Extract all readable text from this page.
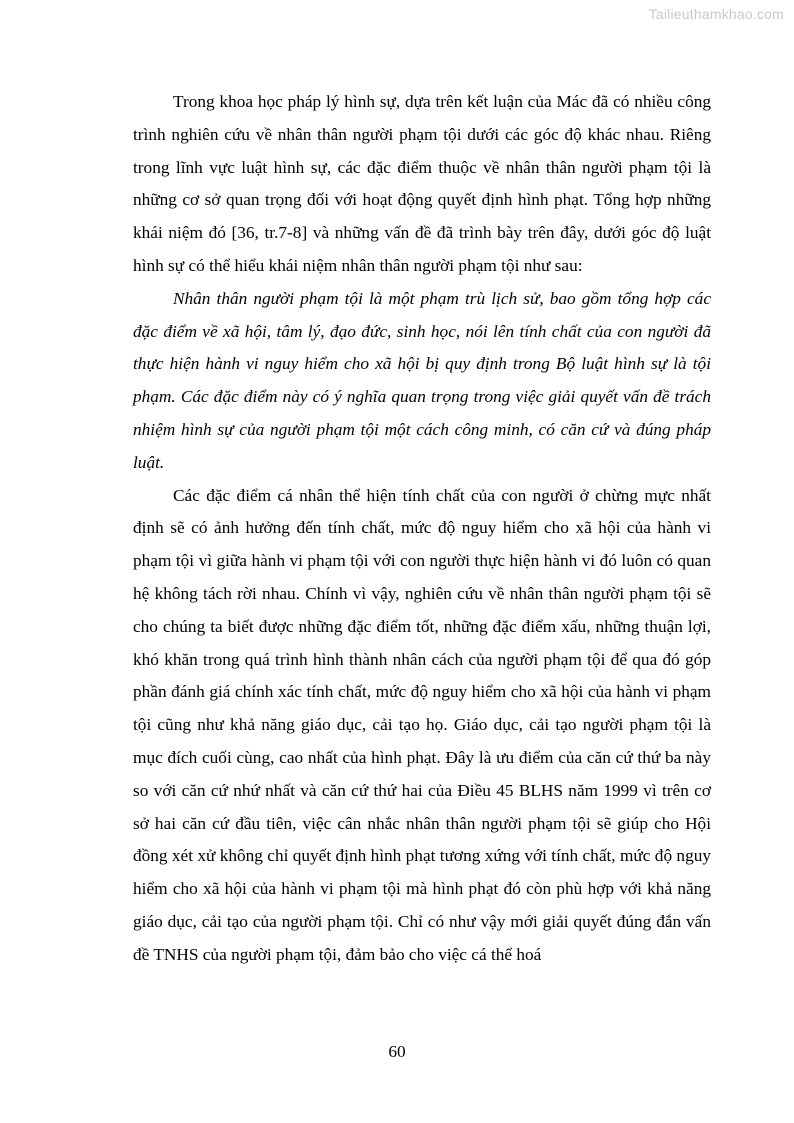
Tailieuthamkhao.com

Trong khoa học pháp lý hình sự, dựa trên kết luận của Mác đã có nhiều công trình nghiên cứu về nhân thân người phạm tội dưới các góc độ khác nhau. Riêng trong lĩnh vực luật hình sự, các đặc điểm thuộc về nhân thân người phạm tội là những cơ sở quan trọng đối với hoạt động quyết định hình phạt. Tổng hợp những khái niệm đó [36, tr.7-8] và những vấn đề đã trình bày trên đây, dưới góc độ luật hình sự có thể hiểu khái niệm nhân thân người phạm tội như sau:

Nhân thân người phạm tội là một phạm trù lịch sử, bao gồm tổng hợp các đặc điểm về xã hội, tâm lý, đạo đức, sinh học, nói lên tính chất của con người đã thực hiện hành vi nguy hiểm cho xã hội bị quy định trong Bộ luật hình sự là tội phạm. Các đặc điểm này có ý nghĩa quan trọng trong việc giải quyết vấn đề trách nhiệm hình sự của người phạm tội một cách công minh, có căn cứ và đúng pháp luật.

Các đặc điểm cá nhân thể hiện tính chất của con người ở chừng mực nhất định sẽ có ảnh hưởng đến tính chất, mức độ nguy hiểm cho xã hội của hành vi phạm tội vì giữa hành vi phạm tội với con người thực hiện hành vi đó luôn có quan hệ không tách rời nhau. Chính vì vậy, nghiên cứu về nhân thân người phạm tội sẽ cho chúng ta biết được những đặc điểm tốt, những đặc điểm xấu, những thuận lợi, khó khăn trong quá trình hình thành nhân cách của người phạm tội để qua đó góp phần đánh giá chính xác tính chất, mức độ nguy hiểm cho xã hội của hành vi phạm tội cũng như khả năng giáo dục, cải tạo họ. Giáo dục, cải tạo người phạm tội là mục đích cuối cùng, cao nhất của hình phạt. Đây là ưu điểm của căn cứ thứ ba này so với căn cứ nhứ nhất và căn cứ thứ hai của Điều 45 BLHS năm 1999 vì trên cơ sở hai căn cứ đầu tiên, việc cân nhắc nhân thân người phạm tội sẽ giúp cho Hội đồng xét xử không chỉ quyết định hình phạt tương xứng với tính chất, mức độ nguy hiểm cho xã hội của hành vi phạm tội mà hình phạt đó còn phù hợp với khả năng giáo dục, cải tạo của người phạm tội. Chỉ có như vậy mới giải quyết đúng đắn vấn đề TNHS của người phạm tội, đảm bảo cho việc cá thể hoá

60
